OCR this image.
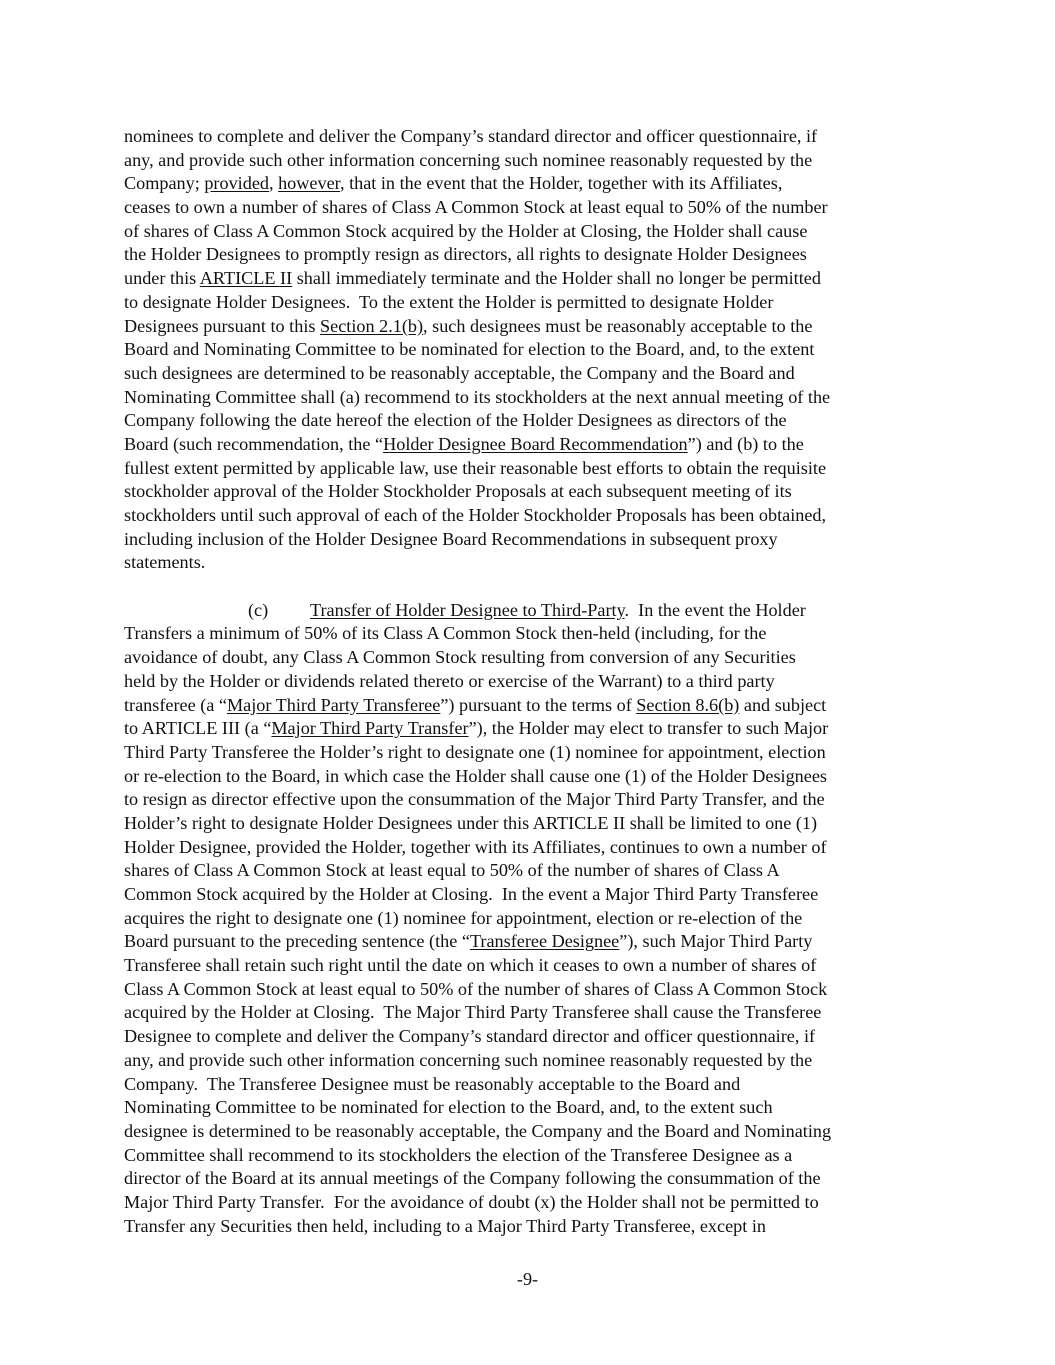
nominees to complete and deliver the Company’s standard director and officer questionnaire, if
any, and provide such other information concerning such nominee reasonably requested by the
Company; provided, however, that in the event that the Holder, together with its Affiliates,
ceases to own a number of shares of Class A Common Stock at least equal to 50% of the number
of shares of Class A Common Stock acquired by the Holder at Closing, the Holder shall cause
the Holder Designees to promptly resign as directors, all rights to designate Holder Designees
under this ARTICLE II shall immediately terminate and the Holder shall no longer be permitted
to designate Holder Designees.  To the extent the Holder is permitted to designate Holder
Designees pursuant to this Section 2.1(b), such designees must be reasonably acceptable to the
Board and Nominating Committee to be nominated for election to the Board, and, to the extent
such designees are determined to be reasonably acceptable, the Company and the Board and
Nominating Committee shall (a) recommend to its stockholders at the next annual meeting of the
Company following the date hereof the election of the Holder Designees as directors of the
Board (such recommendation, the “Holder Designee Board Recommendation”) and (b) to the
fullest extent permitted by applicable law, use their reasonable best efforts to obtain the requisite
stockholder approval of the Holder Stockholder Proposals at each subsequent meeting of its
stockholders until such approval of each of the Holder Stockholder Proposals has been obtained,
including inclusion of the Holder Designee Board Recommendations in subsequent proxy
statements.
(c) Transfer of Holder Designee to Third-Party.  In the event the Holder
Transfers a minimum of 50% of its Class A Common Stock then-held (including, for the
avoidance of doubt, any Class A Common Stock resulting from conversion of any Securities
held by the Holder or dividends related thereto or exercise of the Warrant) to a third party
transferee (a “Major Third Party Transferee”) pursuant to the terms of Section 8.6(b) and subject
to ARTICLE III (a “Major Third Party Transfer”), the Holder may elect to transfer to such Major
Third Party Transferee the Holder’s right to designate one (1) nominee for appointment, election
or re-election to the Board, in which case the Holder shall cause one (1) of the Holder Designees
to resign as director effective upon the consummation of the Major Third Party Transfer, and the
Holder’s right to designate Holder Designees under this ARTICLE II shall be limited to one (1)
Holder Designee, provided the Holder, together with its Affiliates, continues to own a number of
shares of Class A Common Stock at least equal to 50% of the number of shares of Class A
Common Stock acquired by the Holder at Closing.  In the event a Major Third Party Transferee
acquires the right to designate one (1) nominee for appointment, election or re-election of the
Board pursuant to the preceding sentence (the “Transferee Designee”), such Major Third Party
Transferee shall retain such right until the date on which it ceases to own a number of shares of
Class A Common Stock at least equal to 50% of the number of shares of Class A Common Stock
acquired by the Holder at Closing.  The Major Third Party Transferee shall cause the Transferee
Designee to complete and deliver the Company’s standard director and officer questionnaire, if
any, and provide such other information concerning such nominee reasonably requested by the
Company.  The Transferee Designee must be reasonably acceptable to the Board and
Nominating Committee to be nominated for election to the Board, and, to the extent such
designee is determined to be reasonably acceptable, the Company and the Board and Nominating
Committee shall recommend to its stockholders the election of the Transferee Designee as a
director of the Board at its annual meetings of the Company following the consummation of the
Major Third Party Transfer.  For the avoidance of doubt (x) the Holder shall not be permitted to
Transfer any Securities then held, including to a Major Third Party Transferee, except in
-9-
